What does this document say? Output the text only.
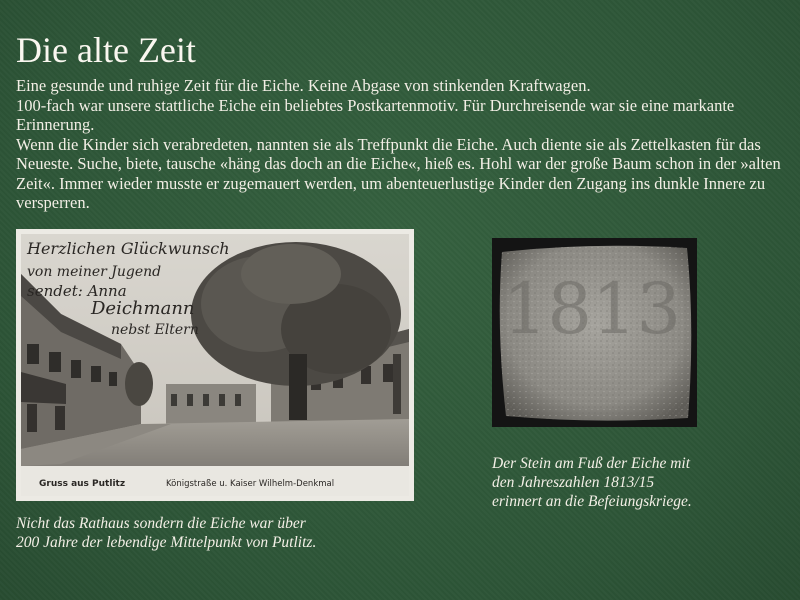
Die alte Zeit

Eine gesunde und ruhige Zeit für die Eiche. Keine Abgase von stinkenden Kraftwagen.

100-fach war unsere stattliche Eiche ein beliebtes Postkartenmotiv. Für Durchreisende war sie eine markante Erinnerung.

Wenn die Kinder sich verabredeten, nannten sie als Treffpunkt die Eiche. Auch diente sie als Zettelkasten für das Neueste. Suche, biete, tausche «häng das doch an die Eiche«, hieß es. Hohl war der große Baum schon in der »alten Zeit«. Immer wieder musste er zugemauert werden, um abenteuerlustige Kinder den Zugang ins dunkle Innere zu versperren.

Herzlichen Glückwunsch
von meiner Jugend
sendet: Anna
Deichmann
nebst Eltern
Gruss aus Putlitz	Königstraße u. Kaiser Wilhelm-Denkmal
1813
Nicht das Rathaus sondern die Eiche war über
200 Jahre der lebendige Mittelpunkt von Putlitz.
Der Stein am Fuß der Eiche mit
den Jahreszahlen 1813/15
erinnert an die Befeiungskriege.
